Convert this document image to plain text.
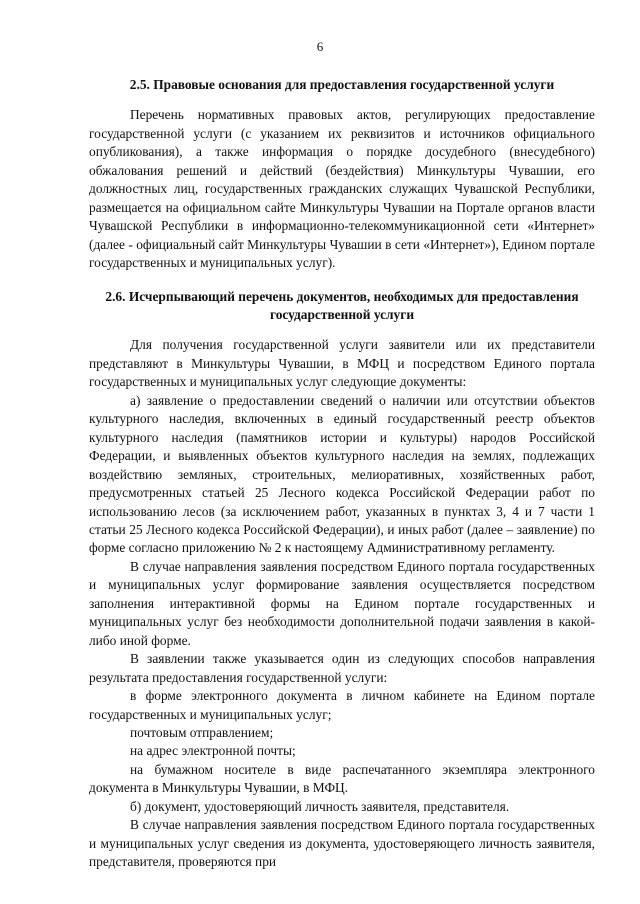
6

2.5. Правовые основания для предоставления государственной услуги

Перечень нормативных правовых актов, регулирующих предоставление государственной услуги (с указанием их реквизитов и источников официального опубликования), а также информация о порядке досудебного (внесудебного) обжалования решений и действий (бездействия) Минкультуры Чувашии, его должностных лиц, государственных гражданских служащих Чувашской Республики, размещается на официальном сайте Минкультуры Чувашии на Портале органов власти Чувашской Республики в информационно-телекоммуникационной сети «Интернет» (далее - официальный сайт Минкультуры Чувашии в сети «Интернет»), Едином портале государственных и муниципальных услуг).

2.6. Исчерпывающий перечень документов, необходимых для предоставления государственной услуги

Для получения государственной услуги заявители или их представители представляют в Минкультуры Чувашии, в МФЦ и посредством Единого портала государственных и муниципальных услуг следующие документы:

а) заявление о предоставлении сведений о наличии или отсутствии объектов культурного наследия, включенных в единый государственный реестр объектов культурного наследия (памятников истории и культуры) народов Российской Федерации, и выявленных объектов культурного наследия на землях, подлежащих воздействию земляных, строительных, мелиоративных, хозяйственных работ, предусмотренных статьей 25 Лесного кодекса Российской Федерации работ по использованию лесов (за исключением работ, указанных в пунктах 3, 4 и 7 части 1 статьи 25 Лесного кодекса Российской Федерации), и иных работ (далее – заявление) по форме согласно приложению № 2 к настоящему Административному регламенту.

В случае направления заявления посредством Единого портала государственных и муниципальных услуг формирование заявления осуществляется посредством заполнения интерактивной формы на Едином портале государственных и муниципальных услуг без необходимости дополнительной подачи заявления в какой-либо иной форме.

В заявлении также указывается один из следующих способов направления результата предоставления государственной услуги:

в форме электронного документа в личном кабинете на Едином портале государственных и муниципальных услуг;

почтовым отправлением;

на адрес электронной почты;

на бумажном носителе в виде распечатанного экземпляра электронного документа в Минкультуры Чувашии, в МФЦ.

б) документ, удостоверяющий личность заявителя, представителя.

В случае направления заявления посредством Единого портала государственных и муниципальных услуг сведения из документа, удостоверяющего личность заявителя, представителя, проверяются при
